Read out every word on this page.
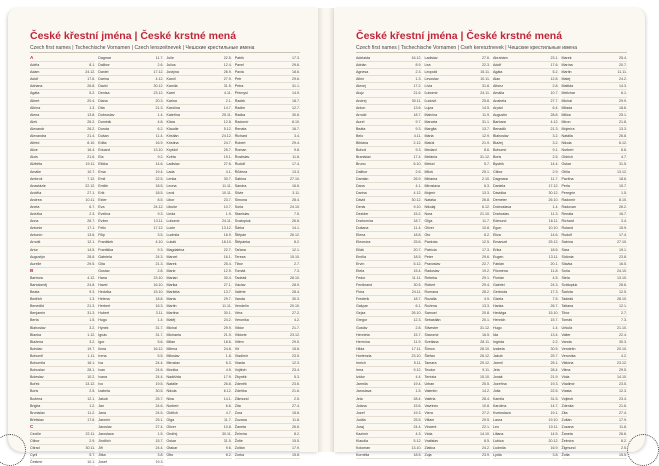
České křestní jména | České krstné mená
Czech first names | Tschechische Vornamen | Czech lenszeitnevek | Чешские крестильные имена
A
Adéla	8.1.
Adam	24.12.
Adolf	17.6.
Adriana	26.8.
Agáta	5.2.
Albert	20.4.
Albína	1.3.
Alena	13.8.
Aleš	26.2.
Alexandr	26.2.
Alexandra	21.4.
Alfréd	8.10.
Alice	16.4.
Alois	21.6.
Alžběta	19.11.
Amálie	10.7.
Ambrož	7.12.
Anastázie	22.12.
Anděla	27.1.
Andrea	10.11.
Aneta	6.7.
Anežka	2.3.
Anna	26.7.
Antonie	17.1.
Antonín	13.6.
Arnošt	12.1.
Artur	14.5.
Augustýn	28.8.
Aurelie	29.5.
B
Barbora	4.12.
Bartoloměj	24.8.
Beata	9.3.
Bedřich	1.3.
Benedikt	21.3.
Benjamín	31.3.
Berta	1.5.
Blahoslav	3.2.
Blanka	1.12.
Blažena	3.2.
Bohdan	19.7.
Bohumil	1.11.
Bohumila	16.1.
Bohuslav	28.1.
Boleslav	10.2.
Bořek	13.12.
Boris	2.5.
Božena	12.1.
Brigita	1.2.
Bronislav	11.2.
Břetislav	17.6.
C
Cecílie	22.11.
Ctibor	2.9.
Ctirad	30.11.
Cyril	5.7.
Čestmír	10.1.
Dagmar	11.7.
Dalibor	2.6.
Daniel	17.12.
Darina	4.12.
David	30.12.
Denisa	23.12.
Diana	20.3.
Dita	21.3.
Dobroslav	1.4.
Dominik	4.8.
Dorota	6.2.
Dušan	11.4.
Edita	16.9.
Eduard	13.10.
Ela	9.2.
Eliška	14.6.
Ema	19.4.
Emil	22.5.
Emilie	18.5.
Erik	18.5.
Ester	8.5.
Eva	24.12.
Evelína	9.3.
Evžen	13.11.
Felix	17.12.
Filip	3.5.
František	4.10.
Františka	9.3.
Gabriela	24.3.
Gita	21.3.
Gustav	2.8.
Hana	23.10.
Havel	16.10.
Hedvika	15.10.
Helena	18.8.
Herbert	16.3.
Hubert	3.11.
Hugo	1.4.
Hynek	31.7.
Ignác	31.7.
Igor	5.6.
Ilona	16.12.
Irena	5.5.
Iva	24.4.
Ivan	24.6.
Ivana	24.4.
Ivo	19.5.
Izabela	30.5.
Jakub	25.7.
Jan	24.6.
Jana	24.5.
Jaromír	25.1.
Jaroslav	27.4.
Jaroslava	1.5.
Jindřich	15.7.
Jiří	24.4.
Jitka	3.8.
Josef	19.3.
Julie	22.5.
Julius	12.4.
Justýna	26.9.
Kamil	27.9.
Kamila	31.5.
Karel	4.11.
Karina	2.1.
Karolína	14.7.
Kateřina	25.11.
Klára	12.8.
Klaudie	5.12.
Kristián	24.12.
Kristina	24.7.
Kryštof	25.7.
Květa	19.1.
Ladislav	27.6.
Lada	4.1.
Lenka	30.7.
Leona	11.11.
Leoš	10.11.
Libor	23.7.
Libuše	10.7.
Linda	1.9.
Lubomír	24.11.
Lucie	13.12.
Ludmila	16.9.
Lukáš	18.10.
Magdaléna	22.7.
Marcel	16.1.
Marek	25.4.
Marie	12.9.
Marian	30.4.
Marika	27.1.
Markéta	13.7.
Marta	29.7.
Martin	11.11.
Martina	30.1.
Matěj	24.2.
Michal	29.9.
Michaela	21.9.
Milan	18.6.
Milena	24.8.
Miloslav	1.8.
Miroslav	6.3.
Monika	4.5.
Naděžda	17.9.
Natálie	26.8.
Nikola	6.12.
Nina	14.1.
Norbert	6.6.
Oldřich	4.7.
Olga	11.7.
Oliver	10.8.
Ondřej	30.11.
Oskar	31.5.
Otakar	9.6.
Otto	8.2.
Patrik	17.3.
Pavel	29.6.
Pavla	18.6.
Petr	29.6.
Petra	31.1.
Přemysl	14.9.
Radek	18.7.
Radim	12.7.
Radka	30.6.
Radomír	8.10.
Renata	16.7.
Richard	3.4.
Robert	29.4.
Roman	9.8.
Rostislav	11.8.
Rudolf	17.4.
Růžena	13.3.
Sabina	27.10.
Sandra	16.6.
Silvie	3.11.
Simona	28.4.
Soňa	24.10.
Stanislav	7.5.
Svatopluk	26.6.
Šárka	14.1.
Štěpán	26.12.
Štěpánka	8.2.
Taťána	12.1.
Tereza	15.10.
Tibor	2.7.
Tomáš	7.3.
Tadeáš	28.10.
Václav	28.9.
Valérie	28.4.
Vanda	30.3.
Vendelín	20.10.
Věra	27.2.
Veronika	4.2.
Viktor	21.7.
Viktorie	23.12.
Vilém	29.5.
Vít	15.6.
Vladimír	23.5.
Vlasta	12.3.
Vojtěch	23.4.
Zbyněk	5.3.
Zdeněk	23.6.
Zdeňka	21.6.
Zikmund	2.5.
Zita	27.4.
Zora	15.8.
Zuzana	11.8.
Žaneta	26.6.
Želmíra	8.2.
Žofie	15.5.
Zoltán	17.9.
Zorka	15.8.
České křestní jména | České krstné mená
Czech first names | Tschechische Vornamen | Cseh keresztnevek | Чешские крестильные имена
Adelaida	16.12.
Adrián	8.9.
Agnesa	2.3.
Albín	1.3.
Alexej	17.2.
Alojz	21.6.
Andrej	30.11.
Anton	13.6.
Arnold	18.7.
Aurel	9.7.
Beáta	9.3.
Belo	4.11.
Bibiána	2.12.
Bohuš	9.3.
Branislav	17.4.
Bruno	6.10.
Dalibor	2.6.
Damián	26.9.
Dana	4.1.
Darina	4.12.
Dávid	30.12.
Denis	9.10.
Dezider	15.2.
Drahomíra	18.7.
Dušana	11.4.
Elena	18.8.
Eleonóra	25.6.
Eliáš	20.7.
Emília	18.5.
Ervín	5.12.
Etela	15.4.
Fedor	11.11.
Ferdinand	30.5.
Flóra	24.11.
Frederik	18.7.
Gašpar	6.1.
Gejza	26.10.
Gregor	12.3.
Gustáv	2.8.
Henrieta	15.7.
Hermína	11.9.
Hilda	17.11.
Hortenzia	23.10.
Imrich	5.11.
Irma	9.12.
Izidor	4.4.
Jarmila	19.4.
Jaroslava	1.5.
Jela	28.4.
Jolana	15.6.
Jozef	19.3.
Judita	25.5.
Juraj	24.4.
Kazimír	4.3.
Klaudia	5.12.
Koloman	13.10.
Kornélia	18.5.
Ladislav	27.6.
Lea	22.3.
Leopold	15.11.
Levoslav	10.11.
Lívia	31.8.
Ľubomír	24.11.
Ľudovít	25.8.
Lujza	14.5.
Malvína	11.9.
Marcela	31.1.
Margita	13.7.
Mária	12.9.
Matúš	21.9.
Medard	8.6.
Melánia	31.12.
Metod	5.7.
Miloš	25.1.
Miriama	2.10.
Miroslava	6.3.
Mojmír	13.3.
Nataša	26.8.
Nikolaj	6.12.
Nora	21.10.
Oľga	11.7.
Oliver	10.8.
Oto	8.2.
Pankrác	12.5.
Patrícia	17.3.
Peter	29.6.
Pravoslav	22.7.
Radoslav	19.2.
Rebeka	29.1.
Róbert	29.4.
Romana	28.2.
Rozália	4.9.
Ružena	13.3.
Samuel	20.8.
Sebastián	20.1.
Silvester	31.12.
Slavomír	16.5.
Svetlana	28.11.
Šimon	28.10.
Štefan	26.12.
Tamara	29.12.
Teodor	9.11.
Terézia	15.10.
Urban	25.5.
Valentín	14.2.
Valéria	28.4.
Vavrinec	10.8.
Viera	27.2.
Viliam	29.5.
Vincent	22.1.
Viola	14.10.
Vratislav	8.5.
Zlatica	24.2.
Zoja	23.9.
Abrahám	23.1.
Adolf	17.6.
Agáta	5.2.
Alan	12.8.
Alfonz	2.8.
Amália	10.7.
Anabela	27.7.
Arpád	6.4.
Augustín	28.8.
Barbara	4.12.
Benadik	21.3.
Blahoslav	3.2.
Blažej	3.2.
Bohumír	9.1.
Boris	2.5.
Bystrík	14.4.
Ctibor	2.9.
Dagmara	11.7.
Daniela	17.12.
Dávidka	30.12.
Demeter	26.10.
Dobroslava	1.4.
Drahoslav	11.3.
Edmund	16.11.
Egon	10.10.
Eliza	14.6.
Emanuel	25.12.
Erika	18.5.
Eugen	13.11.
Fabián	20.1.
Filoména	11.8.
Florián	4.5.
Gabriel	24.3.
Gertrúda	17.3.
Gizela	7.5.
Hanka	26.7.
Hedviga	15.10.
Henrich	15.7.
Hugo	1.4.
Ida	13.4.
Ingrida	2.2.
Izabela	30.5.
Jakub	25.7.
Jarmil	25.1.
Jela	28.4.
Jonáš	21.9.
Jozefína	19.3.
Júlia	22.5.
Kamila	31.5.
Karolína	14.7.
Kvetoslava	19.1.
Laura	19.10.
Leo	10.11.
Liliana	14.5.
Ľubica	20.12.
Ľudmila	16.9.
Lýdia	3.8.
Marek	25.4.
Marína	20.7.
Martin	11.11.
Matej	24.2.
Matilda	14.3.
Melichar	6.1.
Michal	29.9.
Milada	18.6.
Milica	25.1.
Miron	21.8.
Mojmíra	13.3.
Natália	26.8.
Nikola	6.12.
Norbert	6.6.
Oldrich	4.7.
Oskar	31.5.
Otília	13.12.
Pavlína	18.6.
Perla	15.7.
Peregrín	1.5.
Radomír	8.10.
Radovan	26.2.
Renáta	16.7.
Richard	3.4.
Roland	15.9.
Rudolf	17.4.
Sabína	27.10.
Sára	19.1.
Sidónia	23.8.
Slávka	16.5.
Soňa	24.10.
Stela	13.10.
Svätopluk	26.6.
Šarlota	12.5.
Tadeáš	28.10.
Tatiana	12.1.
Tibor	2.7.
Tomáš	7.3.
Uršuľa	21.10.
Valter	22.4.
Vanda	30.3.
Vendelín	20.10.
Veronika	4.2.
Viktória	23.12.
Vilma	29.5.
Viola	14.10.
Vladimír	23.5.
Vlasta	12.3.
Vojtech	23.4.
Zdenka	21.6.
Zita	27.4.
Zoltán	17.9.
Zuzana	11.8.
Žaneta	26.6.
Želmíra	8.2.
Žigmund	2.5.
Žofia	15.5.
